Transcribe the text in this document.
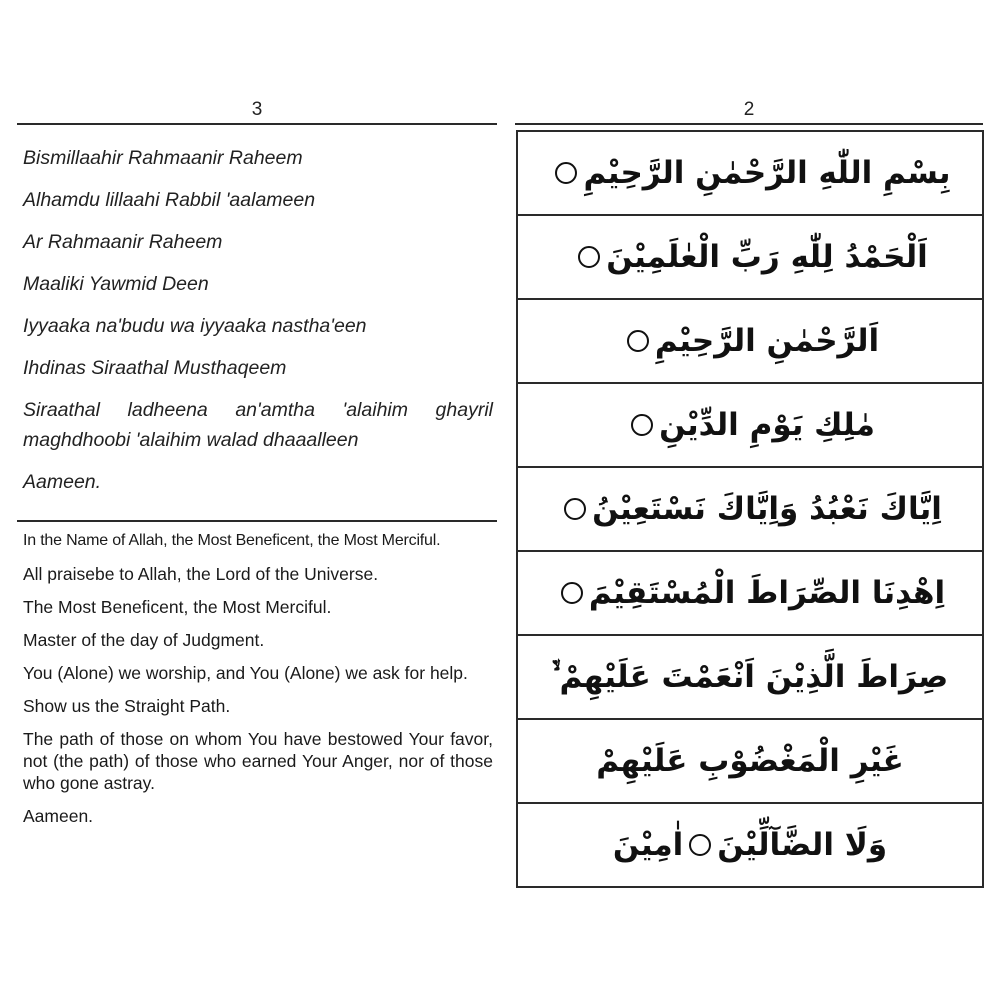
3
Bismillaahir Rahmaanir Raheem
Alhamdu lillaahi Rabbil 'aalameen
Ar Rahmaanir Raheem
Maaliki Yawmid Deen
Iyyaaka na'budu wa iyyaaka nastha'een
Ihdinas Siraathal Musthaqeem
Siraathal ladheena an'amtha 'alaihim ghayril maghdhoobi 'alaihim walad dhaaalleen
Aameen.
In the Name of Allah, the Most Beneficent, the Most Merciful.
All praisebe to Allah, the Lord of the Universe.
The Most Beneficent, the Most Merciful.
Master of the day of Judgment.
You (Alone) we worship, and You (Alone) we ask for help.
Show us the Straight Path.
The path of those on whom You have bestowed Your favor, not (the path) of those who earned Your Anger, nor of those who gone astray.
Aameen.
2
بِسْمِ اللّٰهِ الرَّحْمٰنِ الرَّحِيْمِ
اَلْحَمْدُ لِلّٰهِ رَبِّ الْعٰلَمِيْنَ
اَلرَّحْمٰنِ الرَّحِيْمِ
مٰلِكِ يَوْمِ الدِّيْنِ
اِيَّاكَ نَعْبُدُ وَاِيَّاكَ نَسْتَعِيْنُ
اِهْدِنَا الصِّرَاطَ الْمُسْتَقِيْمَ
صِرَاطَ الَّذِيْنَ اَنْعَمْتَ عَلَيْهِمْ ۙ۬
غَيْرِ الْمَغْضُوْبِ عَلَيْهِمْ
وَلَا الضَّآلِّيْنَ
اٰمِيْنَ
